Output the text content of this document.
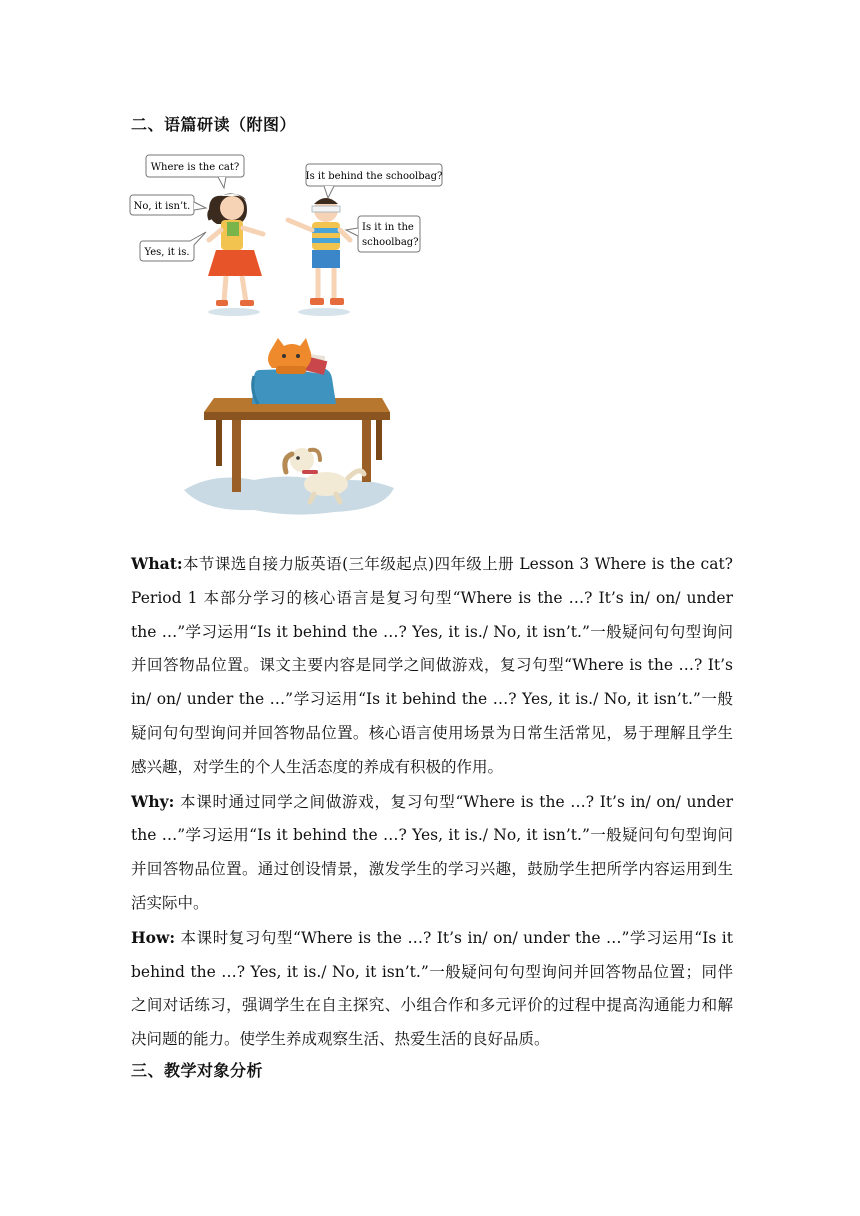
二、语篇研读（附图）
Where is the cat?
No, it isn’t.
Yes, it is.
Is it behind the schoolbag?
Is it in the
schoolbag?

What:本节课选自接力版英语(三年级起点)四年级上册 Lesson 3 Where is the cat? Period 1 本部分学习的核心语言是复习句型“Where is the …? It’s in/ on/ under the …”学习运用“Is it behind the …? Yes, it is./ No, it isn’t.”一般疑问句句型询问并回答物品位置。课文主要内容是同学之间做游戏，复习句型“Where is the …? It’s in/ on/ under the …”学习运用“Is it behind the …? Yes, it is./ No, it isn’t.”一般疑问句句型询问并回答物品位置。核心语言使用场景为日常生活常见，易于理解且学生感兴趣，对学生的个人生活态度的养成有积极的作用。

Why: 本课时通过同学之间做游戏，复习句型“Where is the …? It’s in/ on/ under the …”学习运用“Is it behind the …? Yes, it is./ No, it isn’t.”一般疑问句句型询问并回答物品位置。通过创设情景，激发学生的学习兴趣，鼓励学生把所学内容运用到生活实际中。

How: 本课时复习句型“Where is the …? It’s in/ on/ under the …”学习运用“Is it behind the …? Yes, it is./ No, it isn’t.”一般疑问句句型询问并回答物品位置；同伴之间对话练习，强调学生在自主探究、小组合作和多元评价的过程中提高沟通能力和解决问题的能力。使学生养成观察生活、热爱生活的良好品质。

三、教学对象分析
